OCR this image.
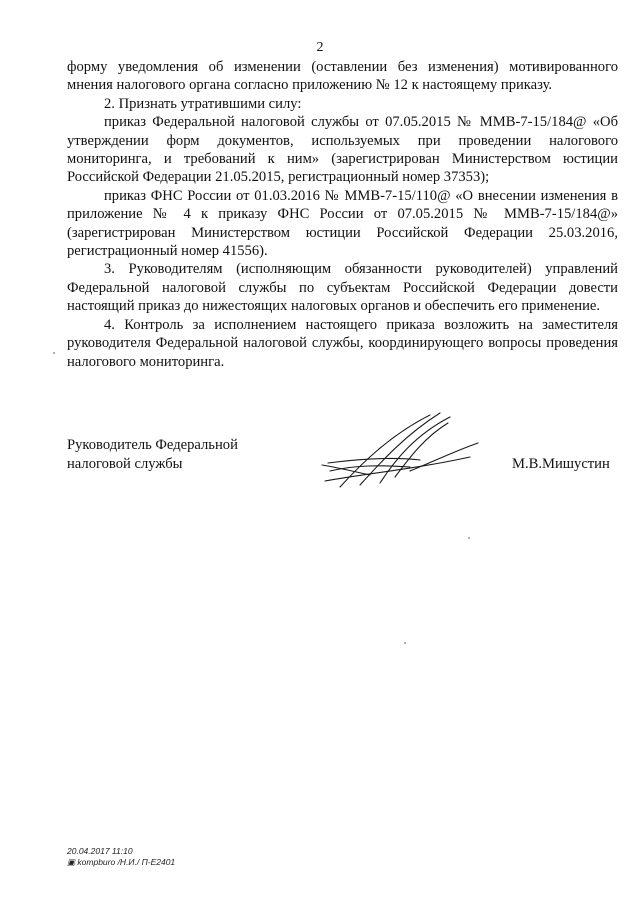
2

форму уведомления об изменении (оставлении без изменения) мотивированного мнения налогового органа согласно приложению № 12 к настоящему приказу.

2. Признать утратившими силу:

приказ Федеральной налоговой службы от 07.05.2015 № ММВ-7-15/184@ «Об утверждении форм документов, используемых при проведении налогового мониторинга, и требований к ним» (зарегистрирован Министерством юстиции Российской Федерации 21.05.2015, регистрационный номер 37353);

приказ ФНС России от 01.03.2016 № ММВ-7-15/110@ «О внесении изменения в приложение № 4 к приказу ФНС России от 07.05.2015 № ММВ-7-15/184@» (зарегистрирован Министерством юстиции Российской Федерации 25.03.2016, регистрационный номер 41556).

3. Руководителям (исполняющим обязанности руководителей) управлений Федеральной налоговой службы по субъектам Российской Федерации довести настоящий приказ до нижестоящих налоговых органов и обеспечить его применение.

4. Контроль за исполнением настоящего приказа возложить на заместителя руководителя Федеральной налоговой службы, координирующего вопросы проведения налогового мониторинга.

Руководитель Федеральной
налоговой службы	М.В.Мишустин
20.04.2017 11:10
▣ kompburo /Н.И./ П-Е2401
